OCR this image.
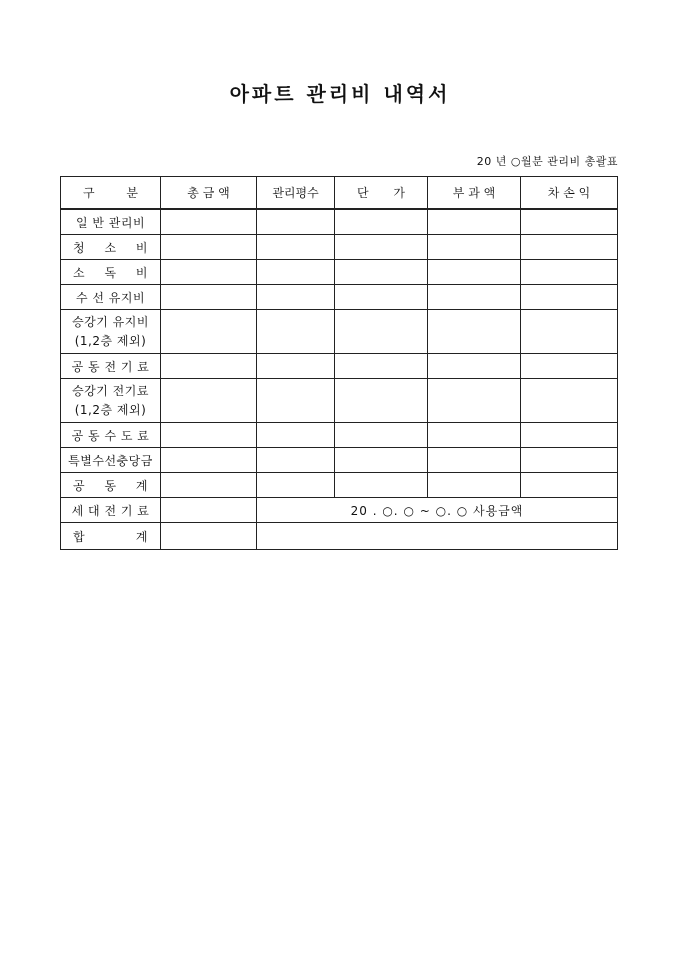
아파트 관리비 내역서
20 년 ○월분 관리비 총괄표
구 분	총 금 액	관리평수	단 가	부 과 액	차 손 익
일 반 관리비					

청 소 비					

소 독 비					

수 선 유지비					
승강기 유지비
(1,2층 제외)					
공 동 전 기 료					
승강기 전기료
(1,2층 제외)					
공 동 수 도 료					
특별수선충당금					

공 동 계					

세 대 전 기 료		20 . ○. ○ ~ ○. ○ 사용금액			

합 계					
